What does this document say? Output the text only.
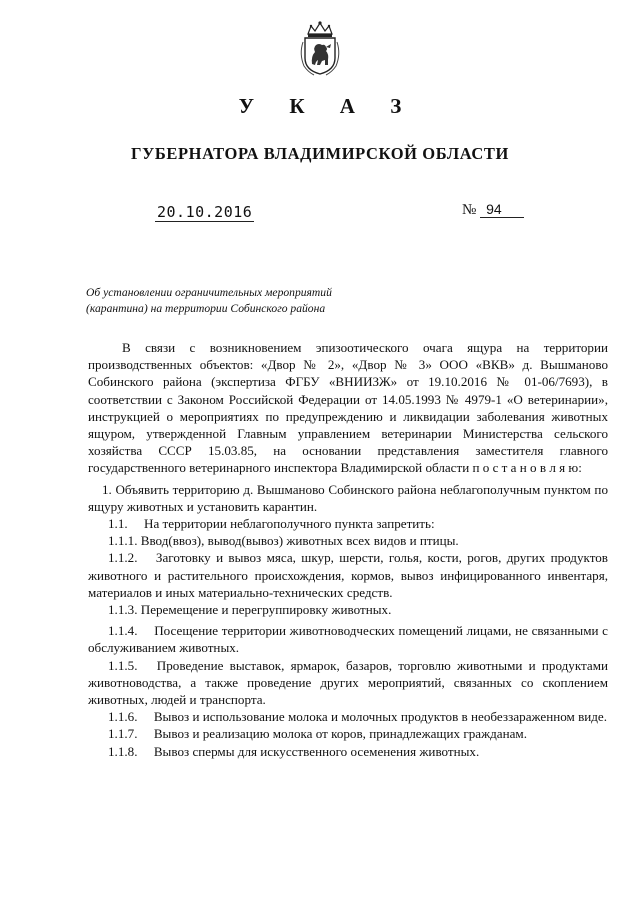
У К А З
ГУБЕРНАТОРА ВЛАДИМИРСКОЙ ОБЛАСТИ
20.10.2016	№ 94
Об установлении ограничительных мероприятий
(карантина) на территории Собинского района

В связи с возникновением эпизоотического очага ящура на территории производственных объектов: «Двор № 2», «Двор № 3» ООО «ВКВ» д. Вышманово Собинского района (экспертиза ФГБУ «ВНИИЗЖ» от 19.10.2016 № 01-06/7693), в соответствии с Законом Российской Федерации от 14.05.1993 № 4979-1 «О ветеринарии», инструкцией о мероприятиях по предупреждению и ликвидации заболевания животных ящуром, утвержденной Главным управлением ветеринарии Министерства сельского хозяйства СССР 15.03.85, на основании представления заместителя главного государственного ветеринарного инспектора Владимирской области п о с т а н о в л я ю:

1. Объявить территорию д. Вышманово Собинского района неблагополучным пунктом по ящуру животных и установить карантин.

1.1.  На территории неблагополучного пункта запретить:

1.1.1. Ввод(ввоз), вывод(вывоз) животных всех видов и птицы.

1.1.2.  Заготовку и вывоз мяса, шкур, шерсти, голья, кости, рогов, других продуктов животного и растительного происхождения, кормов, вывоз инфицированного инвентаря, материалов и иных материально-технических средств.

1.1.3. Перемещение и перегруппировку животных.

1.1.4.  Посещение территории животноводческих помещений лицами, не связанными с обслуживанием животных.

1.1.5.  Проведение выставок, ярмарок, базаров, торговлю животными и продуктами животноводства, а также проведение других мероприятий, связанных со скоплением животных, людей и транспорта.

1.1.6.  Вывоз и использование молока и молочных продуктов в необеззараженном виде.

1.1.7.  Вывоз и реализацию молока от коров, принадлежащих гражданам.

1.1.8.  Вывоз спермы для искусственного осеменения животных.
